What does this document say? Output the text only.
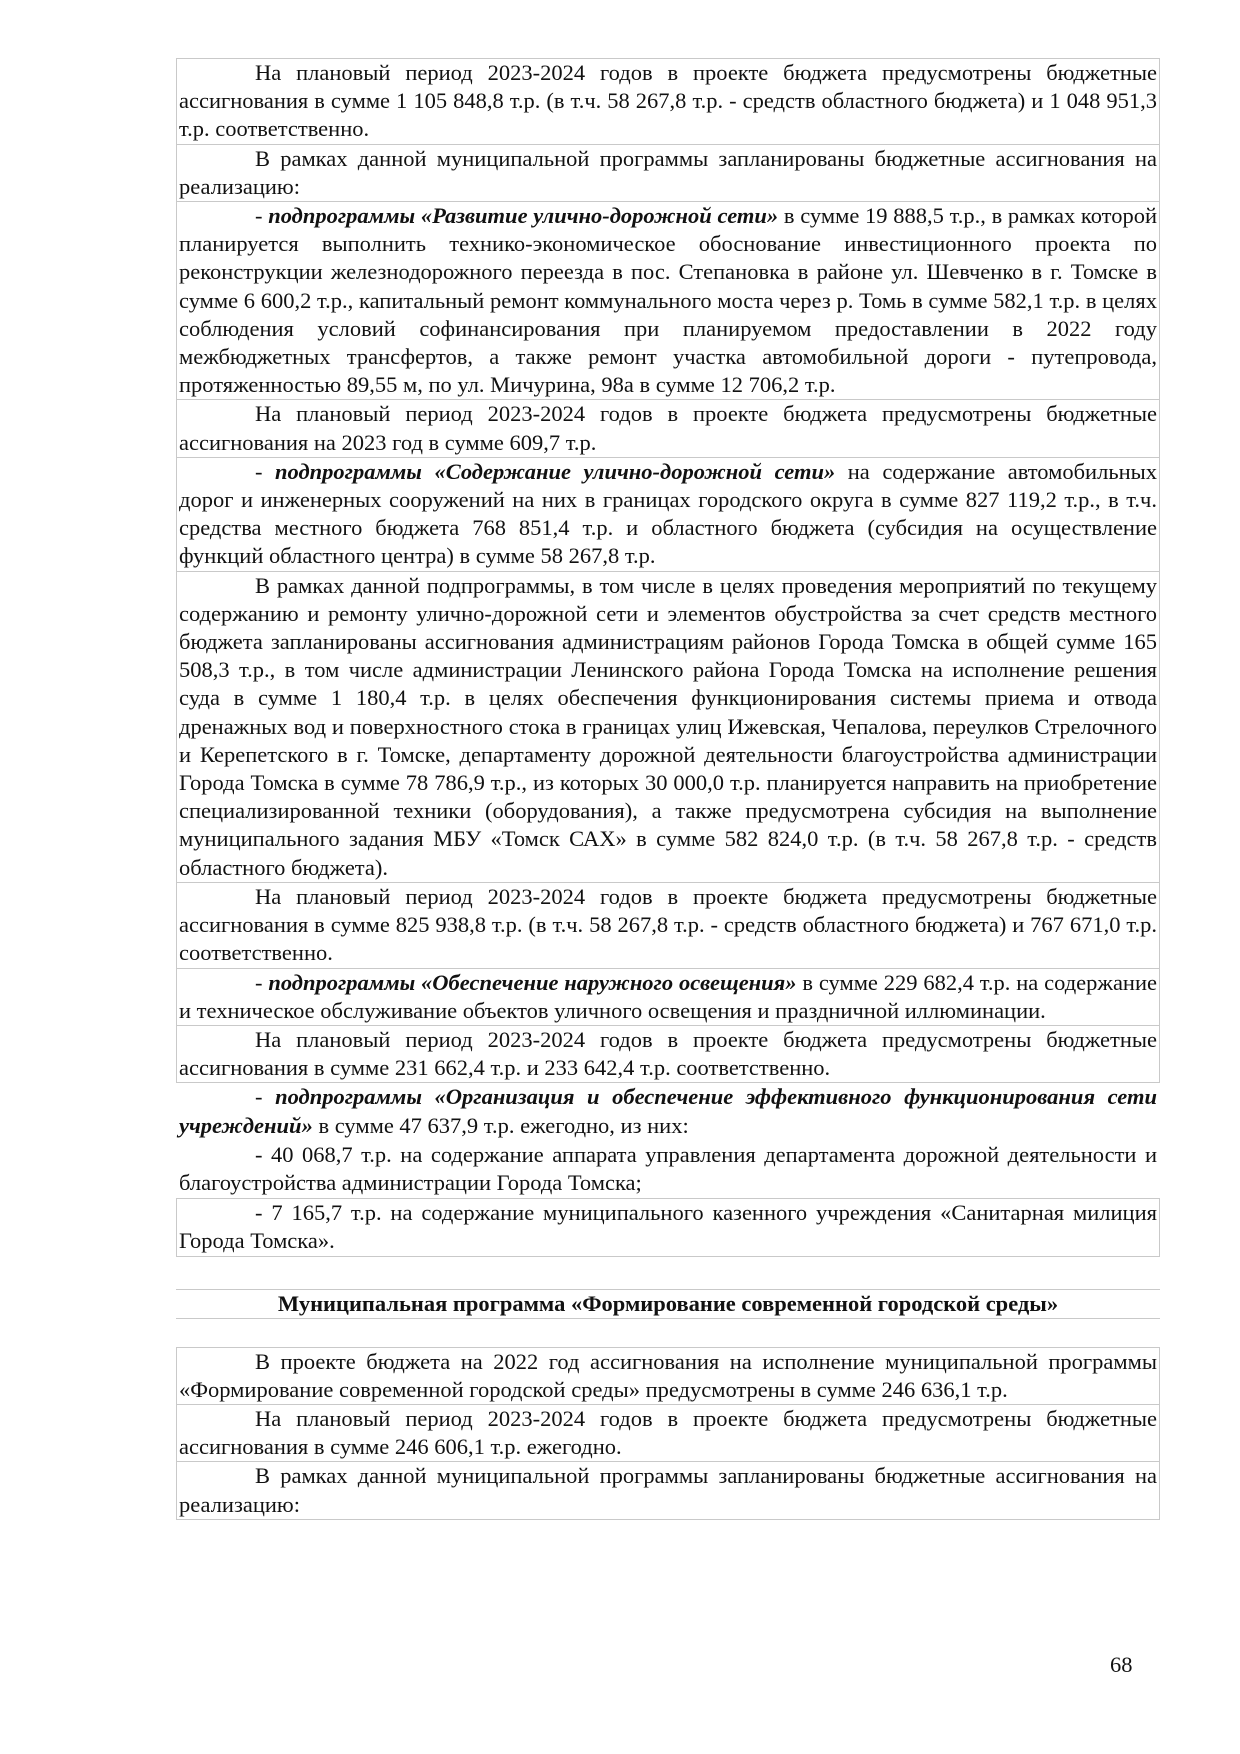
На плановый период 2023-2024 годов в проекте бюджета предусмотрены бюджетные ассигнования в сумме 1 105 848,8 т.р. (в т.ч. 58 267,8 т.р. - средств областного бюджета) и 1 048 951,3 т.р. соответственно.

В рамках данной муниципальной программы запланированы бюджетные ассигнования на реализацию:

- подпрограммы «Развитие улично-дорожной сети» в сумме 19 888,5 т.р., в рамках которой планируется выполнить технико-экономическое обоснование инвестиционного проекта по реконструкции железнодорожного переезда в пос. Степановка в районе ул. Шевченко в г. Томске в сумме 6 600,2 т.р., капитальный ремонт коммунального моста через р. Томь в сумме 582,1 т.р. в целях соблюдения условий софинансирования при планируемом предоставлении в 2022 году межбюджетных трансфертов, а также ремонт участка автомобильной дороги - путепровода, протяженностью 89,55 м, по ул. Мичурина, 98а в сумме 12 706,2 т.р.

На плановый период 2023-2024 годов в проекте бюджета предусмотрены бюджетные ассигнования на 2023 год в сумме 609,7 т.р.

- подпрограммы «Содержание улично-дорожной сети» на содержание автомобильных дорог и инженерных сооружений на них в границах городского округа в сумме 827 119,2 т.р., в т.ч. средства местного бюджета 768 851,4 т.р. и областного бюджета (субсидия на осуществление функций областного центра) в сумме 58 267,8 т.р.

В рамках данной подпрограммы, в том числе в целях проведения мероприятий по текущему содержанию и ремонту улично-дорожной сети и элементов обустройства за счет средств местного бюджета запланированы ассигнования администрациям районов Города Томска в общей сумме 165 508,3 т.р., в том числе администрации Ленинского района Города Томска на исполнение решения суда в сумме 1 180,4 т.р. в целях обеспечения функционирования системы приема и отвода дренажных вод и поверхностного стока в границах улиц Ижевская, Чепалова, переулков Стрелочного и Керепетского в г. Томске, департаменту дорожной деятельности благоустройства администрации Города Томска в сумме 78 786,9 т.р., из которых 30 000,0 т.р. планируется направить на приобретение специализированной техники (оборудования), а также предусмотрена субсидия на выполнение муниципального задания МБУ «Томск САХ» в сумме 582 824,0 т.р. (в т.ч. 58 267,8 т.р. - средств областного бюджета).

На плановый период 2023-2024 годов в проекте бюджета предусмотрены бюджетные ассигнования в сумме 825 938,8 т.р. (в т.ч. 58 267,8 т.р. - средств областного бюджета) и 767 671,0 т.р. соответственно.

- подпрограммы «Обеспечение наружного освещения» в сумме 229 682,4 т.р. на содержание и техническое обслуживание объектов уличного освещения и праздничной иллюминации.

На плановый период 2023-2024 годов в проекте бюджета предусмотрены бюджетные ассигнования в сумме 231 662,4 т.р. и 233 642,4 т.р. соответственно.

- подпрограммы «Организация и обеспечение эффективного функционирования сети учреждений» в сумме 47 637,9 т.р. ежегодно, из них:

- 40 068,7 т.р. на содержание аппарата управления департамента дорожной деятельности и благоустройства администрации Города Томска;

- 7 165,7 т.р. на содержание муниципального казенного учреждения «Санитарная милиция Города Томска».

Муниципальная программа «Формирование современной городской среды»

В проекте бюджета на 2022 год ассигнования на исполнение муниципальной программы «Формирование современной городской среды» предусмотрены в сумме 246 636,1 т.р.

На плановый период 2023-2024 годов в проекте бюджета предусмотрены бюджетные ассигнования в сумме 246 606,1 т.р. ежегодно.

В рамках данной муниципальной программы запланированы бюджетные ассигнования на реализацию:

68
